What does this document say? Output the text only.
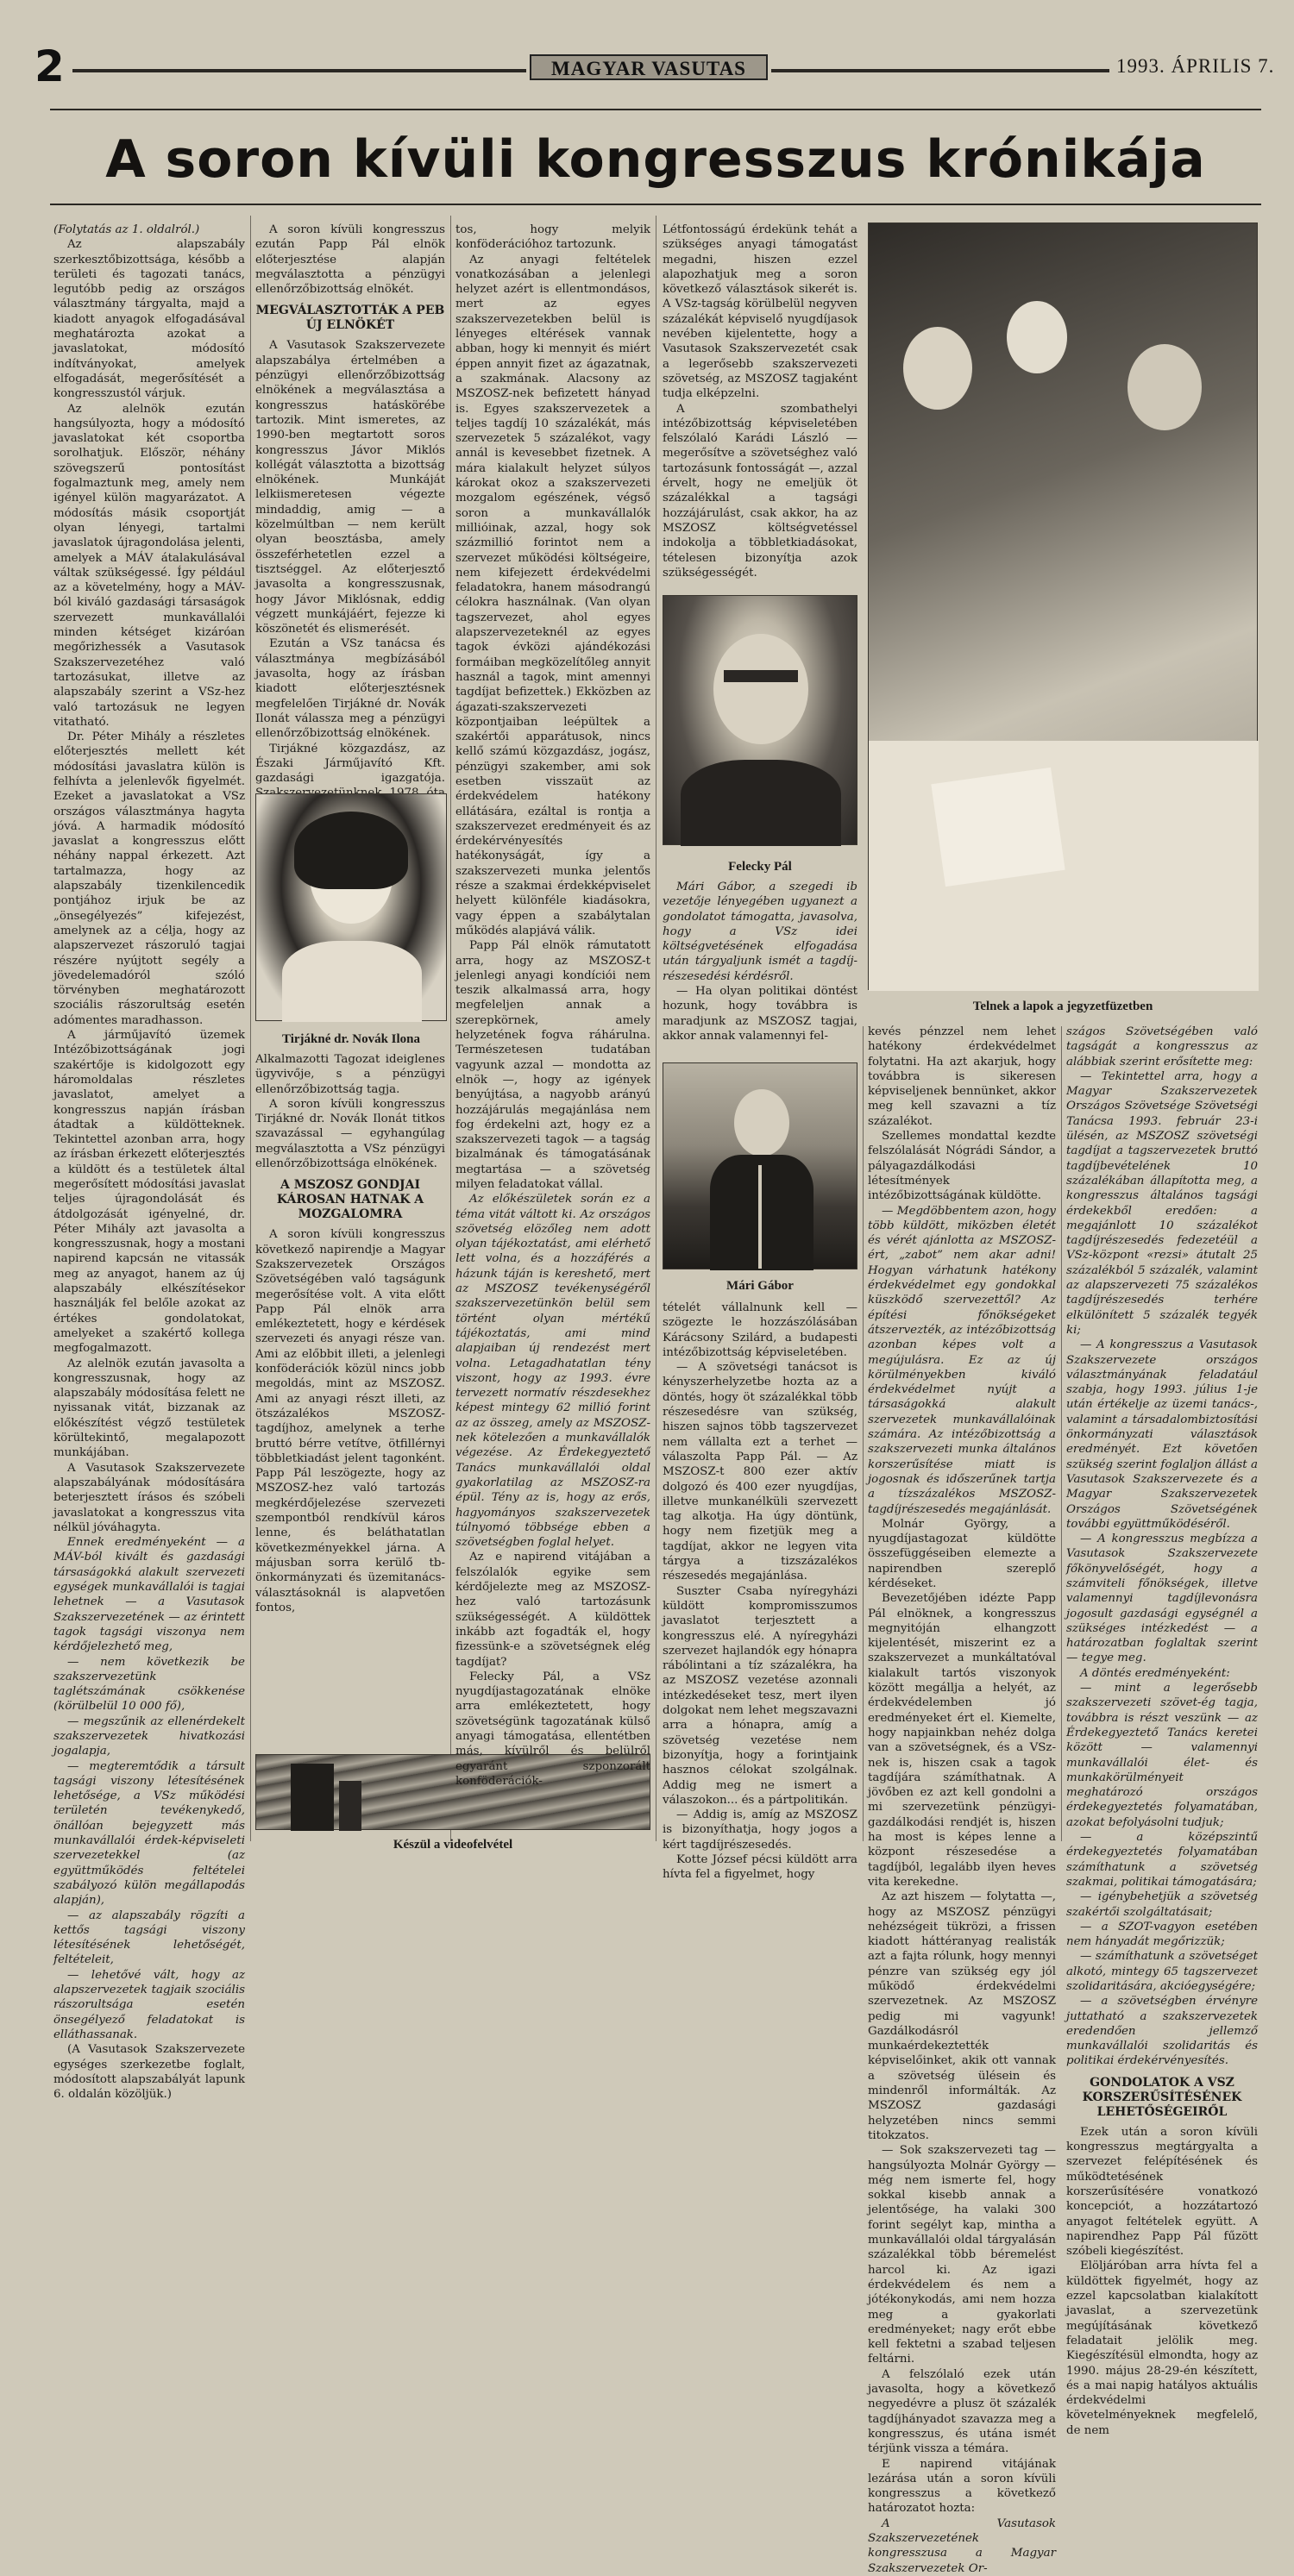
2	MAGYAR VASUTAS	1993. ÁPRILIS 7.
A soron kívüli kongresszus krónikája

(Folytatás az 1. oldalról.)

Az alapszabály szerkesztőbizottsága, később a területi és tagozati tanács, legutóbb pedig az országos választmány tárgyalta, majd a kiadott anyagok elfogadásával meghatározta azokat a javaslatokat, módosító indítványokat, amelyek elfogadását, megerősítését a kongresszustól várjuk.

Az alelnök ezután hangsúlyozta, hogy a módosító javaslatokat két csoportba sorolhatjuk. Először, néhány szövegszerű pontosítást fogalmaztunk meg, amely nem igényel külön magyarázatot. A módosítás másik csoportját olyan lényegi, tartalmi javaslatok újragondolása jelenti, amelyek a MÁV átalakulásával váltak szükségessé. Így például az a követelmény, hogy a MÁV-ból kiváló gazdasági társaságok szervezett munkavállalói minden kétséget kizáróan megőrizhessék a Vasutasok Szakszervezetéhez való tartozásukat, illetve az alapszabály szerint a VSz-hez való tartozásuk ne legyen vitatható.

Dr. Péter Mihály a részletes előterjesztés mellett két módosítási javaslatra külön is felhívta a jelenlevők figyelmét. Ezeket a javaslatokat a VSz országos választmánya hagyta jóvá. A harmadik módosító javaslat a kongresszus előtt néhány nappal érkezett. Azt tartalmazza, hogy az alapszabály tizenkilencedik pontjához irjuk be az „önsegélyezés” kifejezést, amelynek az a célja, hogy az alapszervezet rászoruló tagjai részére nyújtott segély a jövedelemadóról szóló törvényben meghatározott szociális rászorultság esetén adómentes maradhasson.

A járműjavító üzemek Intézőbizottságának jogi szakértője is kidolgozott egy háromoldalas részletes javaslatot, amelyet a kongresszus napján írásban átadtak a küldötteknek. Tekintettel azonban arra, hogy az írásban érkezett előterjesztés a küldött és a testületek által megerősített módosítási javaslat teljes újragondolását és átdolgozását igényelné, dr. Péter Mihály azt javasolta a kongresszusnak, hogy a mostani napirend kapcsán ne vitassák meg az anyagot, hanem az új alapszabály elkészítésekor használják fel belőle azokat az értékes gondolatokat, amelyeket a szakértő kollega megfogalmazott.

Az alelnök ezután javasolta a kongresszusnak, hogy az alapszabály módosítása felett ne nyissanak vitát, bizzanak az előkészítést végző testületek körültekintő, megalapozott munkájában.

A Vasutasok Szakszervezete alapszabályának módosítására beterjesztett írásos és szóbeli javaslatokat a kongresszus vita nélkül jóváhagyta.

Ennek eredményeként — a MÁV-ból kivált és gazdasági társaságokká alakult szervezeti egységek munkavállalói is tagjai lehetnek — a Vasutasok Szakszervezetének — az érintett tagok tagsági viszonya nem kérdőjelezhető meg,

— nem következik be szakszervezetünk taglétszámának csökkenése (körülbelül 10 000 fő),

— megszűnik az ellenérdekelt szakszervezetek hivatkozási jogalapja,

— megteremtődik a társult tagsági viszony létesítésének lehetősége, a VSz működési területén tevékenykedő, önállóan bejegyzett más munkavállalói érdek-képviseleti szervezetekkel (az együttműködés feltételei szabályozó külön megállapodás alapján),

— az alapszabály rögzíti a kettős tagsági viszony létesítésének lehetőségét, feltételeit,

— lehetővé vált, hogy az alapszervezetek tagjaik szociális rászorultsága esetén önsegélyező feladatokat is elláthassanak.

(A Vasutasok Szakszervezete egységes szerkezetbe foglalt, módosított alapszabályát lapunk 6. oldalán közöljük.)

A soron kívüli kongresszus ezután Papp Pál elnök előterjesztése alapján megválasztotta a pénzügyi ellenőrzőbizottság elnökét.

MEGVÁLASZTOTTÁK A PEB ÚJ ELNÖKÉT

A Vasutasok Szakszervezete alapszabálya értelmében a pénzügyi ellenőrzőbizottság elnökének a megválasztása a kongresszus hatáskörébe tartozik. Mint ismeretes, az 1990-ben megtartott soros kongresszus Jávor Miklós kollégát választotta a bizottság elnökének. Munkáját lelkiismeretesen végezte mindaddig, amig — a közelmúltban — nem került olyan beosztásba, amely összeférhetetlen ezzel a tisztséggel. Az előterjesztő javasolta a kongresszusnak, hogy Jávor Miklósnak, eddig végzett munkájáért, fejezze ki köszönetét és elismerését.

Ezután a VSz tanácsa és választmánya megbízásából javasolta, hogy az írásban kiadott előterjesztésnek megfelelően Tirjákné dr. Novák Ilonát válassza meg a pénzügyi ellenőrzőbizottság elnökének.

Tirjákné közgazdász, az Északi Járműjavító Kft. gazdasági igazgatója.

Tirjákné dr. Novák Ilona

Alkalmazotti Tagozat ideiglenes ügyvivője, s a pénzügyi ellenőrzőbizottság tagja.

A soron kívüli kongresszus Tirjákné dr. Novák Ilonát titkos szavazással — egyhangúlag megválasztotta a VSz pénzügyi ellenőrzőbizottsága elnökének.

A MSZOSZ GONDJAI KÁROSAN HATNAK A MOZGALOMRA

A soron kívüli kongresszus következő napirendje a Magyar Szakszervezetek Országos Szövetségében való tagságunk megerősítése volt. A vita előtt Papp Pál elnök arra emlékeztetett, hogy e kérdések szervezeti és anyagi része van. Ami az előbbit illeti, a jelenlegi konföderációk közül nincs jobb megoldás, mint az MSZOSZ. Ami az anyagi részt illeti, az ötszázalékos MSZOSZ-tagdíjhoz, amelynek a terhe bruttó bérre vetítve, ötfillérnyi többletkiadást jelent tagonként. Papp Pál leszögezte, hogy az MSZOSZ-hez való tartozás megkérdőjelezése szervezeti szempontból rendkívül káros lenne, és beláthatatlan következményekkel járna. A májusban sorra kerülő tb-önkormányzati és üzemitanács-választásoknál is alapvetően fontos,

Készül a videofelvétel

tos, hogy melyik konföderációhoz tartozunk.

Az anyagi feltételek vonatkozásában a jelenlegi helyzet azért is ellentmondásos, mert az egyes szakszervezetekben belül is lényeges eltérések vannak abban, hogy ki mennyit és miért éppen annyit fizet az ágazatnak, a szakmának. Alacsony az MSZOSZ-nek befizetett hányad is. Egyes szakszervezetek a teljes tagdíj 10 százalékát, más szervezetek 5 százalékot, vagy annál is kevesebbet fizetnek. A mára kialakult helyzet súlyos károkat okoz a szakszervezeti mozgalom egészének, végső soron a munkavállalók millióinak, azzal, hogy sok százmillió forintot nem a szervezet működési költségeire, nem kifejezett érdekvédelmi feladatokra, hanem másodrangú célokra használnak. (Van olyan tagszervezet, ahol egyes alapszervezeteknél az egyes tagok évközi ajándékozási formáiban megközelítőleg annyit használ a tagok, mint amennyi tagdíjat befizettek.) Ekközben az ágazati-szakszervezeti központjaiban leépültek a szakértői apparátusok, nincs kellő számú közgazdász, jogász, pénzügyi szakember, ami sok esetben visszaüt az érdekvédelem hatékony ellátására, ezáltal is rontja a szakszervezet eredményeit és az érdekérvényesítés hatékonyságát, így a szakszervezeti munka jelentős része a szakmai érdekképviselet helyett különféle kiadásokra, vagy éppen a szabálytalan működés alapjává válik.

Papp Pál elnök rámutatott arra, hogy az MSZOSZ-t jelenlegi anyagi kondíciói nem teszik alkalmassá arra, hogy megfeleljen annak a szerepkörnek, amely helyzetének fogva ráhárulna. Természetesen tudatában vagyunk azzal — mondotta az elnök —, hogy az igények benyújtása, a nagyobb arányú hozzájárulás megajánlása nem fog érdekelni azt, hogy ez a szakszervezeti tagok — a tagság bizalmának és támogatásának megtartása — a szövetség milyen feladatokat vállal.

Az előkészületek során ez a téma vitát váltott ki. Az országos szövetség elözőleg nem adott olyan tájékoztatást, ami elérhető lett volna, és a hozzáférés a házunk táján is kereshető, mert az MSZOSZ tevékenységéről szakszervezetünkön belül sem történt olyan mértékű tájékoztatás, ami mind alapjaiban új rendezést mert volna. Letagadhatatlan tény viszont, hogy az 1993. évre tervezett normatív részdesekhez képest mintegy 62 millió forint az az összeg, amely az MSZOSZ-nek kötelezően a munkavállalók végezése. Az Érdekegyeztető Tanács munkavállalói oldal gyakorlatilag az MSZOSZ-ra épül. Tény az is, hogy az erős, hagyományos szakszervezetek túlnyomó többsége ebben a szövetségben foglal helyet.

Az e napirend vitájában a felszólalók egyike sem kérdőjelezte meg az MSZOSZ-hez való tartozásunk szükségességét. A küldöttek inkább azt fogadták el, hogy fizessünk-e a szövetségnek elég tagdíjat?

Felecky Pál, a VSz nyugdíjastagozatának elnöke arra emlékeztetett, hogy szövetségünk tagozatának külső anyagi támogatása, ellentétben más, kívülről és belülről egyaránt szponzorált konföderációk-

Létfontosságú érdekünk tehát a szükséges anyagi támogatást megadni, hiszen ezzel alapozhatjuk meg a soron következő választások sikerét is. A VSz-tagság körülbelül negyven százalékát képviselő nyugdíjasok nevében kijelentette, hogy a Vasutasok Szakszervezetét csak a legerősebb szakszervezeti szövetség, az MSZOSZ tagjaként tudja elképzelni.

A szombathelyi intézőbizottság képviseletében felszólaló Karádi László — megerősítve a szövetséghez való tartozásunk fontosságát —, azzal érvelt, hogy ne emeljük öt százalékkal a tagsági hozzájárulást, csak akkor, ha az MSZOSZ költségvetéssel indokolja a többletkiadásokat, tételesen bizonyítja azok szükségességét.

Felecky Pál

Mári Gábor, a szegedi ib vezetője lényegében ugyanezt a gondolatot támogatta, javasolva, hogy a VSz idei költségvetésének elfogadása után tárgyaljunk ismét a tagdíj-részesedési kérdésről.

— Ha olyan politikai döntést hozunk, hogy továbbra is maradjunk az MSZOSZ tagjai, akkor annak valamennyi fel-

Mári Gábor

tételét vállalnunk kell — szögezte le hozzászólásában Kárácsony Szilárd, a budapesti intézőbizottság képviseletében.

— A szövetségi tanácsot is kényszerhelyzetbe hozta az a döntés, hogy öt százalékkal több részesedésre van szükség, hiszen sajnos több tagszervezet nem vállalta ezt a terhet — válaszolta Papp Pál. — Az MSZOSZ-t 800 ezer aktív dolgozó és 400 ezer nyugdíjas, illetve munkanélküli szervezett tag alkotja. Ha úgy döntünk, hogy nem fizetjük meg a tagdíjat, akkor ne legyen vita tárgya a tizszázalékos részesedés megajánlása.

Suszter Csaba nyíregyházi küldött kompromisszumos javaslatot terjesztett a kongresszus elé. A nyíregyházi szervezet hajlandók egy hónapra rábólintani a tíz százalékra, ha az MSZOSZ vezetése azonnali intézkedéseket tesz, mert ilyen dolgokat nem lehet megszavazni arra a hónapra, amíg a szövetség vezetése nem bizonyítja, hogy a forintjaink hasznos célokat szolgálnak. Addig meg ne ismert a válaszokon... és a pártpolitikán.

— Addig is, amíg az MSZOSZ is bizonyíthatja, hogy jogos a kért tagdíjrészesedés.

Kotte József pécsi küldött arra hívta fel a figyelmet, hogy

Telnek a lapok a jegyzetfüzetben

kevés pénzzel nem lehet hatékony érdekvédelmet folytatni. Ha azt akarjuk, hogy továbbra is sikeresen képviseljenek bennünket, akkor meg kell szavazni a tíz százalékot.

Szellemes mondattal kezdte felszólalását Nógrádi Sándor, a pályagazdálkodási létesítmények intézőbizottságának küldötte.

— Megdöbbentem azon, hogy több küldött, miközben életét és vérét ajánlotta az MSZOSZ-ért, „zabot” nem akar adni! Hogyan várhatunk hatékony érdekvédelmet egy gondokkal küszködő szervezettől? Az építési főnökségeket átszervezték, az intézőbizottság azonban képes volt a megújulásra. Ez az új körülményekben kiváló érdekvédelmet nyújt a társaságokká alakult szervezetek munkavállalóinak számára. Az intézőbizottság a szakszervezeti munka általános korszerűsítése miatt is jogosnak és időszerűnek tartja a tízszázalékos MSZOSZ-tagdíjrészesedés megajánlását.

Molnár György, a nyugdíjastagozat küldötte összefüggéseiben elemezte a napirendben szereplő kérdéseket.

Bevezetőjében idézte Papp Pál elnöknek, a kongresszus megnyitóján elhangzott kijelentését, miszerint ez a szakszervezet a munkáltatóval kialakult tartós viszonyok között megállja a helyét, az érdekvédelemben jó eredményeket ért el. Kiemelte, hogy napjainkban nehéz dolga van a szövetségnek, és a VSz-nek is, hiszen csak a tagok tagdíjára számíthatnak. A jövőben ez azt kell gondolni a mi szervezetünk pénzügyi-gazdálkodási rendjét is, hiszen ha most is képes lenne a központ részesedése a tagdíjból, legalább ilyen heves vita kerekedne.

Az azt hiszem — folytatta —, hogy az MSZOSZ pénzügyi nehézségeit tükrözi, a frissen kiadott háttéranyag realisták azt a fajta rólunk, hogy mennyi pénzre van szükség egy jól működő érdekvédelmi szervezetnek. Az MSZOSZ pedig mi vagyunk! Gazdálkodásról munkaérdekeztették képviselőinket, akik ott vannak a szövetség ülésein és mindenről informálták. Az MSZOSZ gazdasági helyzetében nincs semmi titokzatos.

— Sok szakszervezeti tag — hangsúlyozta Molnár György — még nem ismerte fel, hogy sokkal kisebb annak a jelentősége, ha valaki 300 forint segélyt kap, mintha a munkavállalói oldal tárgyalásán százalékkal több béremelést harcol ki. Az igazi érdekvédelem és nem a jótékonykodás, ami nem hozza meg a gyakorlati eredményeket; nagy erőt ebbe kell fektetni a szabad teljesen feltárni.

A felszólaló ezek után javasolta, hogy a következő negyedévre a plusz öt százalék tagdíjhányadot szavazza meg a kongresszus, és utána ismét térjünk vissza a témára.

E napirend vitájának lezárása után a soron kívüli kongresszus a következő határozatot hozta:

A Vasutasok Szakszervezetének kongresszusa a Magyar Szakszervezetek Or-

szágos Szövetségében való tagságát a kongresszus az alábbiak szerint erősítette meg:

— Tekintettel arra, hogy a Magyar Szakszervezetek Országos Szövetsége Szövetségi Tanácsa 1993. február 23-i ülésén, az MSZOSZ szövetségi tagdíjat a tagszervezetek bruttó tagdíjbevételének 10 százalékában állapította meg, a kongresszus általános tagsági érdekekből eredően: a megajánlott 10 százalékot tagdíjrészesedés fedezetéül a VSz-központ «rezsi» átutalt 25 százalékból 5 százalék, valamint az alapszervezeti 75 százalékos tagdíjrészesedés terhére elkülönített 5 százalék tegyék ki;

— A kongresszus a Vasutasok Szakszervezete országos választmányának feladatául szabja, hogy 1993. július 1-je után értékelje az üzemi tanács-, valamint a társadalombiztosítási önkormányzati választások eredményét. Ezt követően szükség szerint foglaljon állást a Vasutasok Szakszervezete és a Magyar Szakszervezetek Országos Szövetségének további együttműködéséről.

— A kongresszus megbízza a Vasutasok Szakszervezete főkönyvelőségét, hogy a számviteli főnökségek, illetve valamennyi tagdíjlevonásra jogosult gazdasági egységnél a szükséges intézkedést — a határozatban foglaltak szerint — tegye meg.

A döntés eredményeként:

— mint a legerősebb szakszervezeti szövet-ég tagja, továbbra is részt veszünk — az Érdekegyeztető Tanács keretei között — valamennyi munkavállalói élet- és munkakörülményeit meghatározó országos érdekegyeztetés folyamatában, azokat befolyásolni tudjuk;

— a középszintű érdekegyeztetés folyamatában számíthatunk a szövetség szakmai, politikai támogatására;

— igénybehetjük a szövetség szakértői szolgáltatásait;

— a SZOT-vagyon esetében nem hányadát megőrizzük;

— számíthatunk a szövetséget alkotó, mintegy 65 tagszervezet szolidaritására, akcióegységére;

— a szövetségben érvényre juttatható a szakszervezetek eredendően jellemző munkavállalói szolidaritás és politikai érdekérvényesítés.

GONDOLATOK A VSZ KORSZERŰSÍTÉSÉNEK LEHETŐSÉGEIRŐL

Ezek után a soron kívüli kongresszus megtárgyalta a szervezet felépítésének és működtetésének korszerűsítésére vonatkozó koncepciót, a hozzátartozó anyagot feltételek együtt. A napirendhez Papp Pál fűzött szóbeli kiegészítést.

Elöljáróban arra hívta fel a küldöttek figyelmét, hogy az ezzel kapcsolatban kialakított javaslat, a szervezetünk megújításának következő feladatait jelölik meg. Kiegészítésül elmondta, hogy az 1990. május 28-29-én készített, és a mai napig hatályos aktuális érdekvédelmi követelményeknek megfelelő, de nem
